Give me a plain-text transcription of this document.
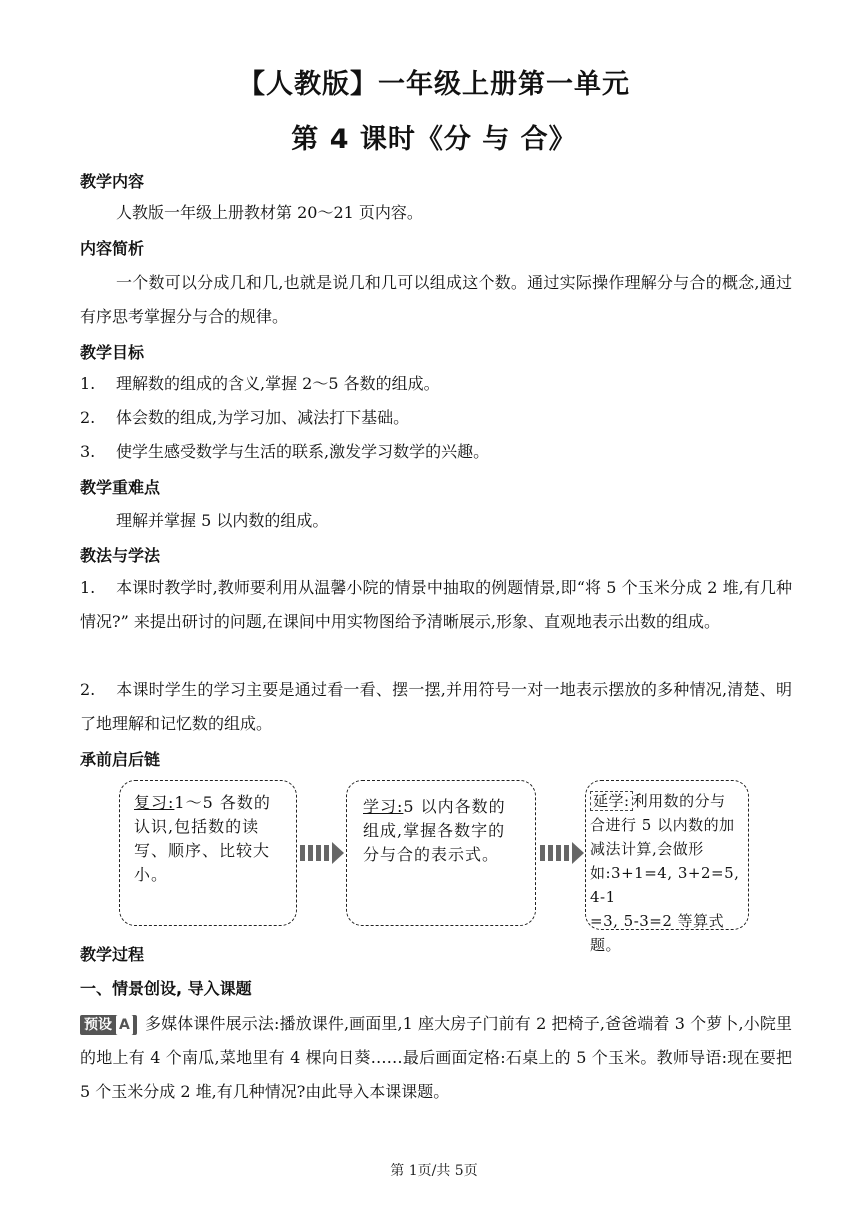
【人教版】一年级上册第一单元
第 4 课时《分 与 合》
教学内容
人教版一年级上册教材第 20～21 页内容。
内容简析
一个数可以分成几和几,也就是说几和几可以组成这个数。通过实际操作理解分与合的概念,通过有序思考掌握分与合的规律。
教学目标
1. 理解数的组成的含义,掌握 2～5 各数的组成。
2. 体会数的组成,为学习加、减法打下基础。
3. 使学生感受数学与生活的联系,激发学习数学的兴趣。
教学重难点
理解并掌握 5 以内数的组成。
教法与学法
1. 本课时教学时,教师要利用从温馨小院的情景中抽取的例题情景,即“将 5 个玉米分成 2 堆,有几种情况?” 来提出研讨的问题,在课间中用实物图给予清晰展示,形象、直观地表示出数的组成。
2. 本课时学生的学习主要是通过看一看、摆一摆,并用符号一对一地表示摆放的多种情况,清楚、明了地理解和记忆数的组成。
承前启后链
复习:1～5 各数的
认识,包括数的读
写、顺序、比较大小。
学习:5 以内各数的
组成,掌握各数字的
分与合的表示式。
延学: 利用数的分与
合进行 5 以内数的加
减法计算,会做形
如:3+1=4, 3+2=5, 4-1
=3, 5-3=2 等算式题。
教学过程
一、情景创设, 导入课题
预设 A 多媒体课件展示法:播放课件,画面里,1 座大房子门前有 2 把椅子,爸爸端着 3 个萝卜,小院里的地上有 4 个南瓜,菜地里有 4 棵向日葵……最后画面定格:石桌上的 5 个玉米。教师导语:现在要把 5 个玉米分成 2 堆,有几种情况?由此导入本课课题。
第 1页/共 5页
